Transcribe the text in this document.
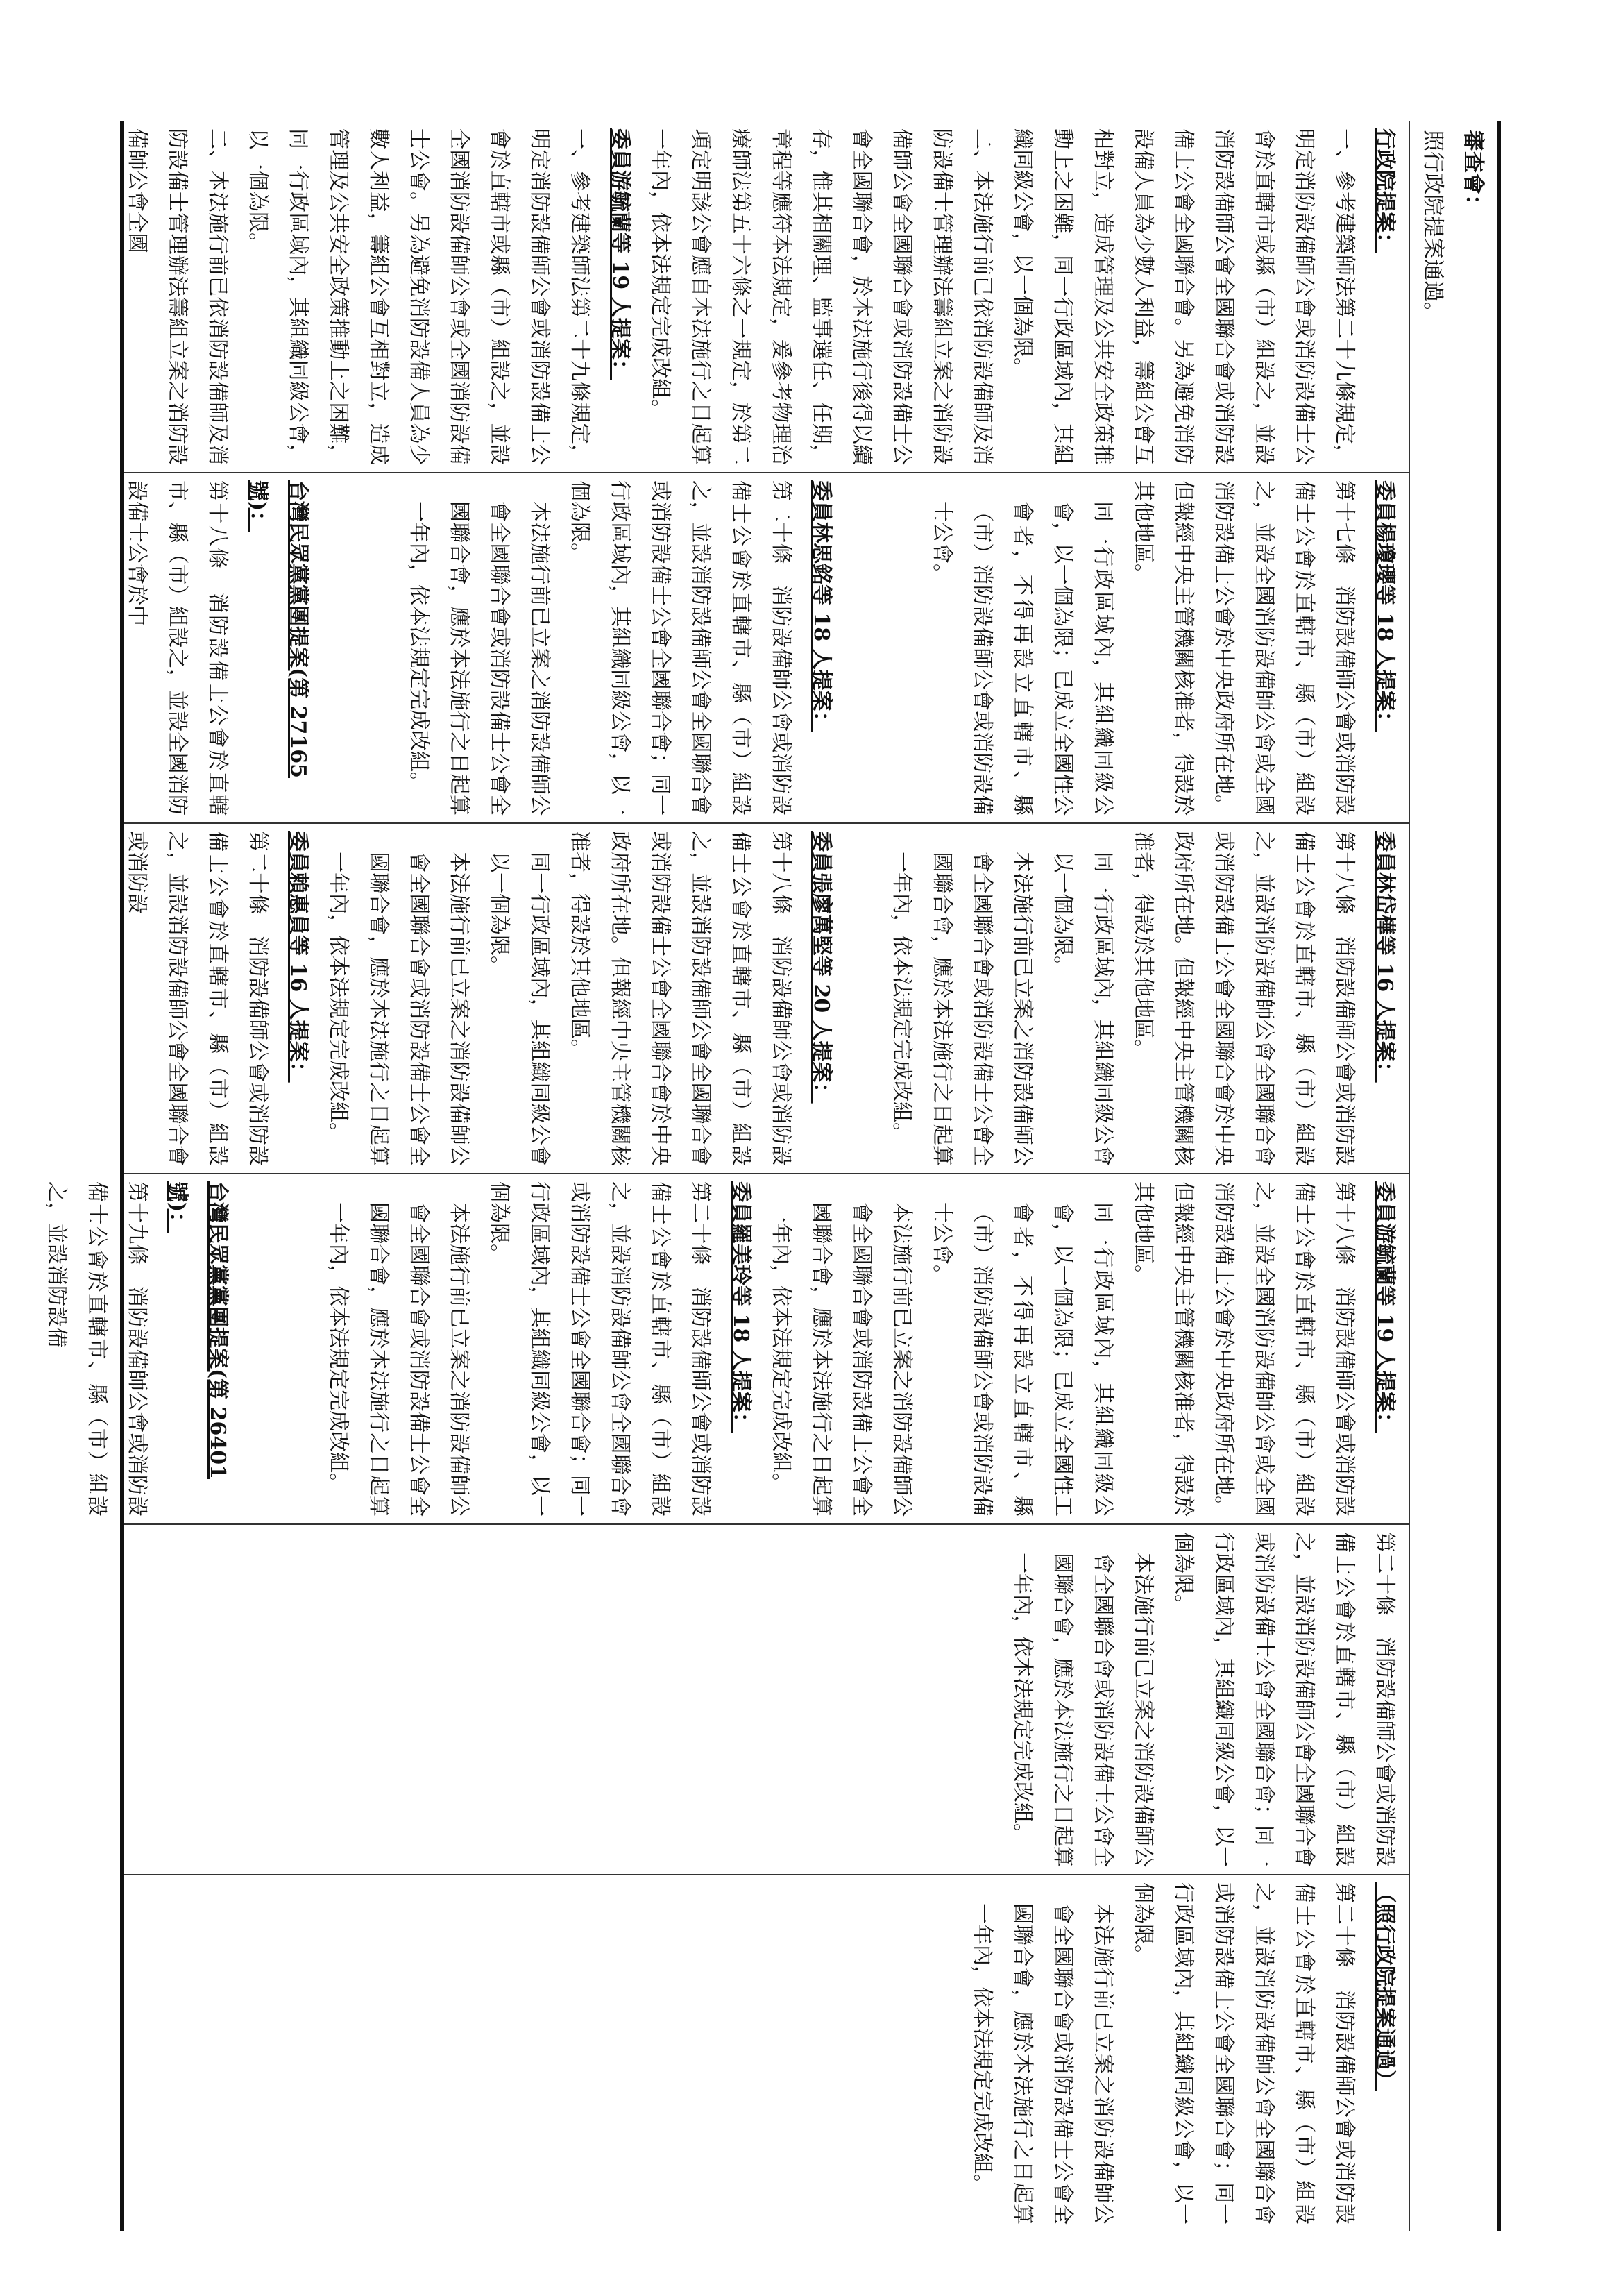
審查會：
照行政院提案通過。
行政院提案：

一、參考建築師法第二十九條規定，明定消防設備師公會或消防設備士公會於直轄市或縣（市）組設之，並設消防設備師公會全國聯合會或消防設備士公會全國聯合會。另為避免消防設備人員為少數人利益，籌組公會互相對立，造成管理及公共安全政策推動上之困難，同一行政區域內，其組織同級公會，以一個為限。

二、本法施行前已依消防設備師及消防設備士管理辦法籌組立案之消防設備師公會全國聯合會或消防設備士公會全國聯合會，於本法施行後得以續存，惟其相關理、監事選任、任期，章程等應符本法規定，爰參考物理治療師法第五十六條之一規定，於第二項定明該公會應自本法施行之日起算一年內，依本法規定完成改組。

委員游毓蘭等 19 人提案：

一、參考建築師法第二十九條規定，明定消防設備師公會或消防設備士公會於直轄市或縣（市）組設之，並設全國消防設備師公會或全國消防設備士公會。另為避免消防設備人員為少數人利益，籌組公會互相對立，造成管理及公共安全政策推動上之困難，同一行政區域內，其組織同級公會，以一個為限。

二、本法施行前已依消防設備師及消防設備士管理辦法籌組立案之消防設備師公會全國

委員楊瓊瓔等 18 人提案：

第十七條　消防設備師公會或消防設備士公會於直轄市、縣（市）組設之，並設全國消防設備師公會或全國消防設備士公會於中央政府所在地。但報經中央主管機關核准者，得設於其他地區。

同一行政區域內，其組織同級公會，以一個為限；已成立全國性公會者，不得再設立直轄市、縣（市）消防設備師公會或消防設備士公會。

委員林思銘等 18 人提案：

第二十條　消防設備師公會或消防設備士公會於直轄市、縣（市）組設之，並設消防設備師公會全國聯合會或消防設備士公會全國聯合會；同一行政區域內，其組織同級公會，以一個為限。

本法施行前已立案之消防設備師公會全國聯合會或消防設備士公會全國聯合會，應於本法施行之日起算一年內，依本法規定完成改組。

台灣民眾黨黨團提案(第 27165 號)：

第十八條　消防設備士公會於直轄市、縣（市）組設之，並設全國消防設備士公會於中

委員林岱樺等 16 人提案：

第十八條　消防設備師公會或消防設備士公會於直轄市、縣（市）組設之，並設消防設備師公會全國聯合會或消防設備士公會全國聯合會於中央政府所在地。但報經中央主管機關核准者，得設於其他地區。

同一行政區域內，其組織同級公會以一個為限。

本法施行前已立案之消防設備師公會全國聯合會或消防設備士公會全國聯合會，應於本法施行之日起算一年內，依本法規定完成改組。

委員張廖萬堅等 20 人提案：

第十八條　消防設備師公會或消防設備士公會於直轄市、縣（市）組設之，並設消防設備師公會全國聯合會或消防設備士公會全國聯合會於中央政府所在地。但報經中央主管機關核准者，得設於其他地區。

同一行政區域內，其組織同級公會以一個為限。

本法施行前已立案之消防設備師公會全國聯合會或消防設備士公會全國聯合會，應於本法施行之日起算一年內，依本法規定完成改組。

委員賴惠員等 16 人提案：

第二十條　消防設備師公會或消防設備士公會於直轄市、縣（市）組設之，並設消防設備師公會全國聯合會或消防設

委員游毓蘭等 19 人提案：

第十八條　消防設備師公會或消防設備士公會於直轄市、縣（市）組設之，並設全國消防設備師公會或全國消防設備士公會於中央政府所在地。但報經中央主管機關核准者，得設於其他地區。

同一行政區域內，其組織同級公會，以一個為限；已成立全國性工會者，不得再設立直轄市、縣（市）消防設備師公會或消防設備士公會。

本法施行前已立案之消防設備師公會全國聯合會或消防設備士公會全國聯合會，應於本法施行之日起算一年內，依本法規定完成改組。

委員羅美玲等 18 人提案：

第二十條　消防設備師公會或消防設備士公會於直轄市、縣（市）組設之，並設消防設備師公會全國聯合會或消防設備士公會全國聯合會；同一行政區域內，其組織同級公會，以一個為限。

本法施行前已立案之消防設備師公會全國聯合會或消防設備士公會全國聯合會，應於本法施行之日起算一年內，依本法規定完成改組。

台灣民眾黨黨團提案(第 26401 號)：

第十九條　消防設備師公會或消防設備士公會於直轄市、縣（市）組設之，並設消防設備

第二十條　消防設備師公會或消防設備士公會於直轄市、縣（市）組設之，並設消防設備師公會全國聯合會或消防設備士公會全國聯合會；同一行政區域內，其組織同級公會，以一個為限。

本法施行前已立案之消防設備師公會全國聯合會或消防設備士公會全國聯合會，應於本法施行之日起算一年內，依本法規定完成改組。

（照行政院提案通過）

第二十條　消防設備師公會或消防設備士公會於直轄市、縣（市）組設之，並設消防設備師公會全國聯合會或消防設備士公會全國聯合會；同一行政區域內，其組織同級公會，以一個為限。

本法施行前已立案之消防設備師公會全國聯合會或消防設備士公會全國聯合會，應於本法施行之日起算一年內，依本法規定完成改組。
